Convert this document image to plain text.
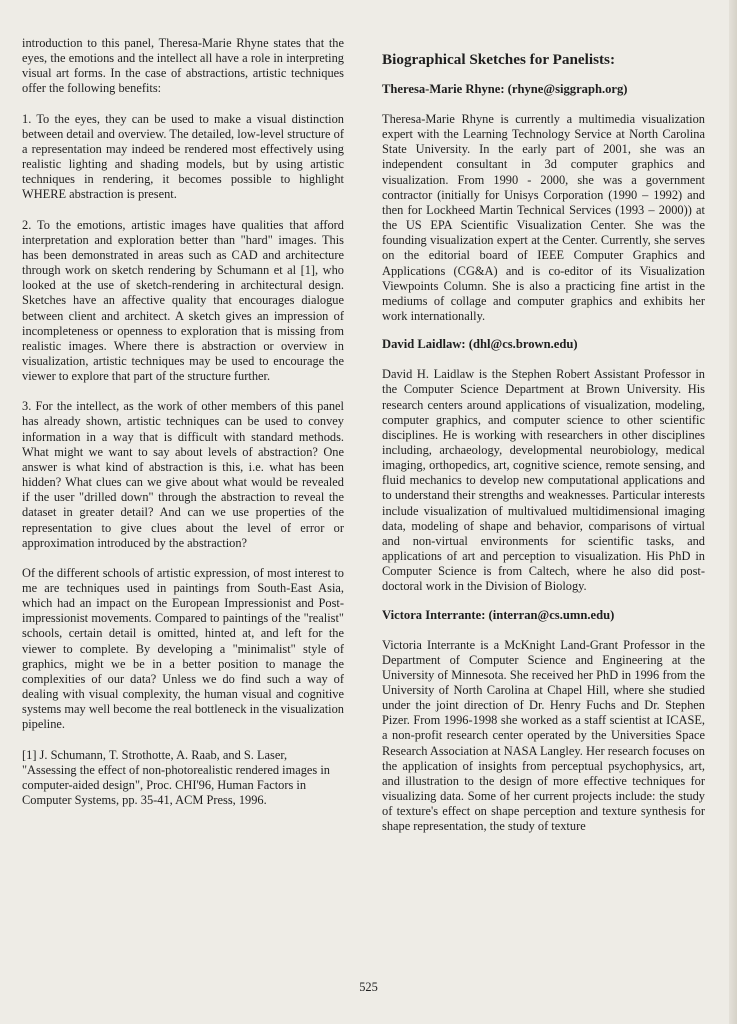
introduction to this panel, Theresa-Marie Rhyne states that the eyes, the emotions and the intellect all have a role in interpreting visual art forms. In the case of abstractions, artistic techniques offer the following benefits:

1. To the eyes, they can be used to make a visual distinction between detail and overview. The detailed, low-level structure of a representation may indeed be rendered most effectively using realistic lighting and shading models, but by using artistic techniques in rendering, it becomes possible to highlight WHERE abstraction is present.

2. To the emotions, artistic images have qualities that afford interpretation and exploration better than "hard" images. This has been demonstrated in areas such as CAD and architecture through work on sketch rendering by Schumann et al [1], who looked at the use of sketch-rendering in architectural design. Sketches have an affective quality that encourages dialogue between client and architect. A sketch gives an impression of incompleteness or openness to exploration that is missing from realistic images. Where there is abstraction or overview in visualization, artistic techniques may be used to encourage the viewer to explore that part of the structure further.

3. For the intellect, as the work of other members of this panel has already shown, artistic techniques can be used to convey information in a way that is difficult with standard methods. What might we want to say about levels of abstraction? One answer is what kind of abstraction is this, i.e. what has been hidden? What clues can we give about what would be revealed if the user "drilled down" through the abstraction to reveal the dataset in greater detail? And can we use properties of the representation to give clues about the level of error or approximation introduced by the abstraction?

Of the different schools of artistic expression, of most interest to me are techniques used in paintings from South-East Asia, which had an impact on the European Impressionist and Post-impressionist movements. Compared to paintings of the "realist" schools, certain detail is omitted, hinted at, and left for the viewer to complete. By developing a "minimalist" style of graphics, might we be in a better position to manage the complexities of our data? Unless we do find such a way of dealing with visual complexity, the human visual and cognitive systems may well become the real bottleneck in the visualization pipeline.

[1] J. Schumann, T. Strothotte, A. Raab, and S. Laser, "Assessing the effect of non-photorealistic rendered images in computer-aided design", Proc. CHI'96, Human Factors in Computer Systems, pp. 35-41, ACM Press, 1996.

Biographical Sketches for Panelists:
Theresa-Marie Rhyne: (rhyne@siggraph.org)

Theresa-Marie Rhyne is currently a multimedia visualization expert with the Learning Technology Service at North Carolina State University. In the early part of 2001, she was an independent consultant in 3d computer graphics and visualization. From 1990 - 2000, she was a government contractor (initially for Unisys Corporation (1990 – 1992) and then for Lockheed Martin Technical Services (1993 – 2000)) at the US EPA Scientific Visualization Center. She was the founding visualization expert at the Center. Currently, she serves on the editorial board of IEEE Computer Graphics and Applications (CG&A) and is co-editor of its Visualization Viewpoints Column. She is also a practicing fine artist in the mediums of collage and computer graphics and exhibits her work internationally.

David Laidlaw: (dhl@cs.brown.edu)

David H. Laidlaw is the Stephen Robert Assistant Professor in the Computer Science Department at Brown University. His research centers around applications of visualization, modeling, computer graphics, and computer science to other scientific disciplines. He is working with researchers in other disciplines including, archaeology, developmental neurobiology, medical imaging, orthopedics, art, cognitive science, remote sensing, and fluid mechanics to develop new computational applications and to understand their strengths and weaknesses. Particular interests include visualization of multivalued multidimensional imaging data, modeling of shape and behavior, comparisons of virtual and non-virtual environments for scientific tasks, and applications of art and perception to visualization. His PhD in Computer Science is from Caltech, where he also did post-doctoral work in the Division of Biology.

Victora Interrante: (interran@cs.umn.edu)

Victoria Interrante is a McKnight Land-Grant Professor in the Department of Computer Science and Engineering at the University of Minnesota. She received her PhD in 1996 from the University of North Carolina at Chapel Hill, where she studied under the joint direction of Dr. Henry Fuchs and Dr. Stephen Pizer. From 1996-1998 she worked as a staff scientist at ICASE, a non-profit research center operated by the Universities Space Research Association at NASA Langley. Her research focuses on the application of insights from perceptual psychophysics, art, and illustration to the design of more effective techniques for visualizing data. Some of her current projects include: the study of texture's effect on shape perception and texture synthesis for shape representation, the study of texture

525
